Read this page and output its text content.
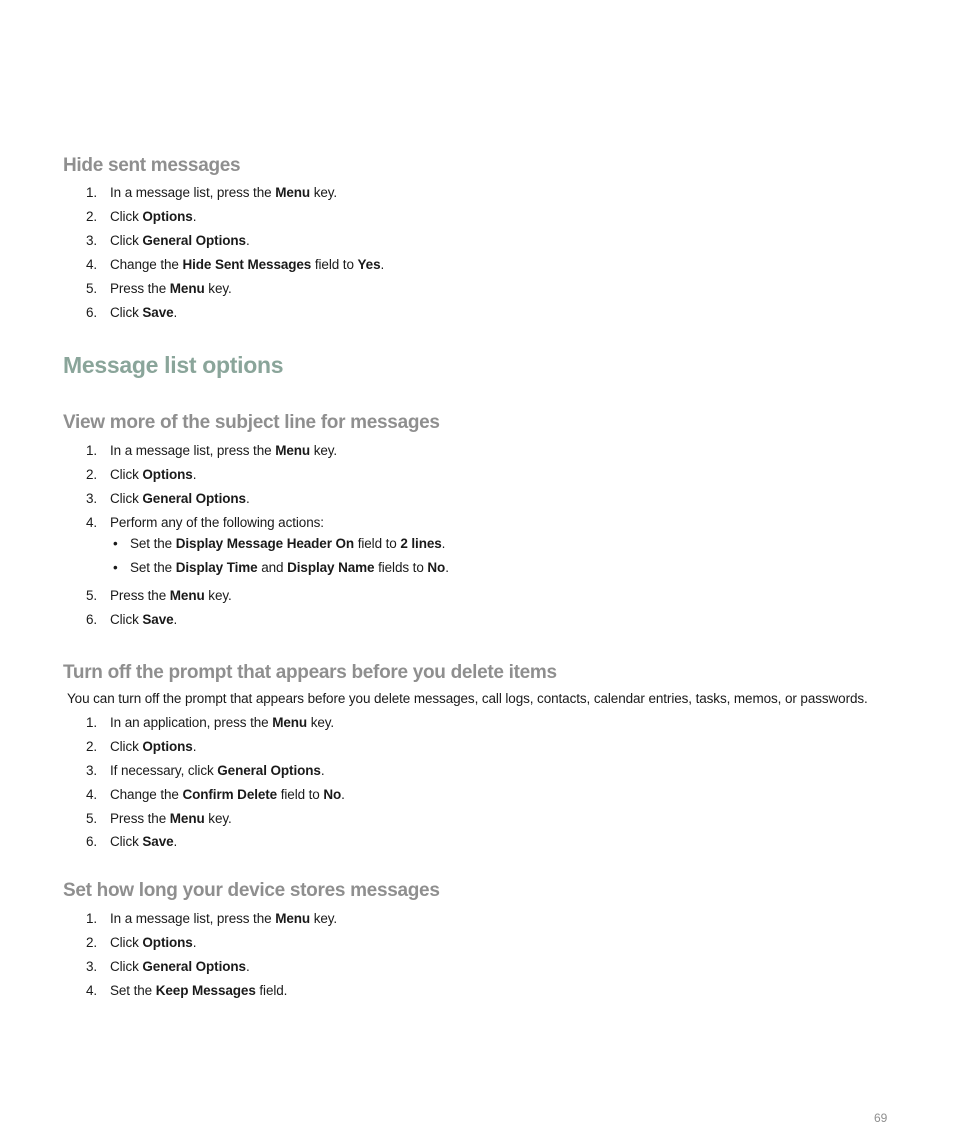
Hide sent messages
1. In a message list, press the Menu key.
2. Click Options.
3. Click General Options.
4. Change the Hide Sent Messages field to Yes.
5. Press the Menu key.
6. Click Save.
Message list options
View more of the subject line for messages
1. In a message list, press the Menu key.
2. Click Options.
3. Click General Options.
4. Perform any of the following actions:
• Set the Display Message Header On field to 2 lines.
• Set the Display Time and Display Name fields to No.
5. Press the Menu key.
6. Click Save.
Turn off the prompt that appears before you delete items

You can turn off the prompt that appears before you delete messages, call logs, contacts, calendar entries, tasks, memos, or passwords.

1. In an application, press the Menu key.
2. Click Options.
3. If necessary, click General Options.
4. Change the Confirm Delete field to No.
5. Press the Menu key.
6. Click Save.
Set how long your device stores messages
1. In a message list, press the Menu key.
2. Click Options.
3. Click General Options.
4. Set the Keep Messages field.
69
